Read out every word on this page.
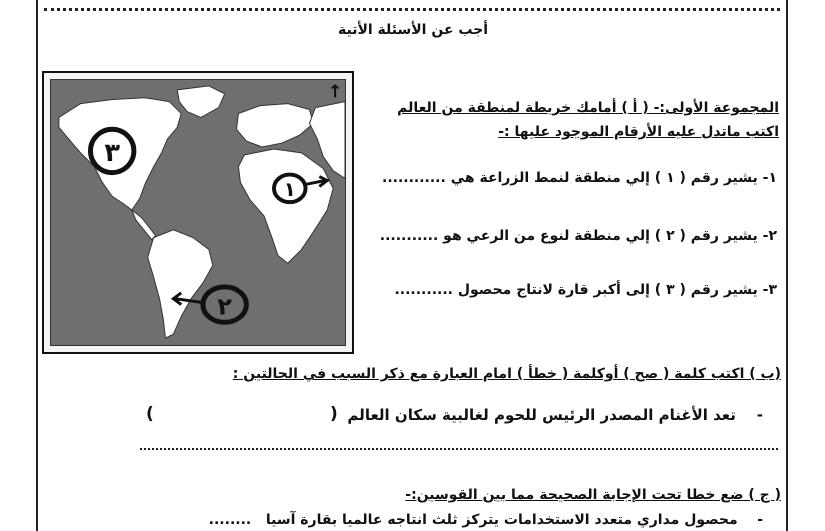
أجب عن الأسئلة الأتية
٣
١
٢
↑
المجموعة الأولى:- ( أ ) أمامك خريطة لمنطقة من العالم
اكتب ماتدل عليه الأرقام الموجود عليها :-
١- يشير رقم ( ١ ) إلي منطقة لنمط الزراعة هي ............
٢- يشير رقم ( ٢ ) إلي منطقة لنوع من الرعي هو ...........
٣- يشير رقم ( ٣ ) إلى أكبر قارة لانتاج محصول ...........
(ب ) اكتب كلمة ( صح ) أوكلمة ( خطأ ) امام العبارة مع ذكر السبب في الحالتين :
-    تعد الأغنام المصدر الرئيس للحوم لغالبية سكان العالم
(
)
( ج ) ضع خطا تحت الإجابة الصحيحة مما بين القوسين:-
-    محصول مداري متعدد الاستخدامات يتركز ثلث انتاجه عالميا بقارة آسيا   ........
